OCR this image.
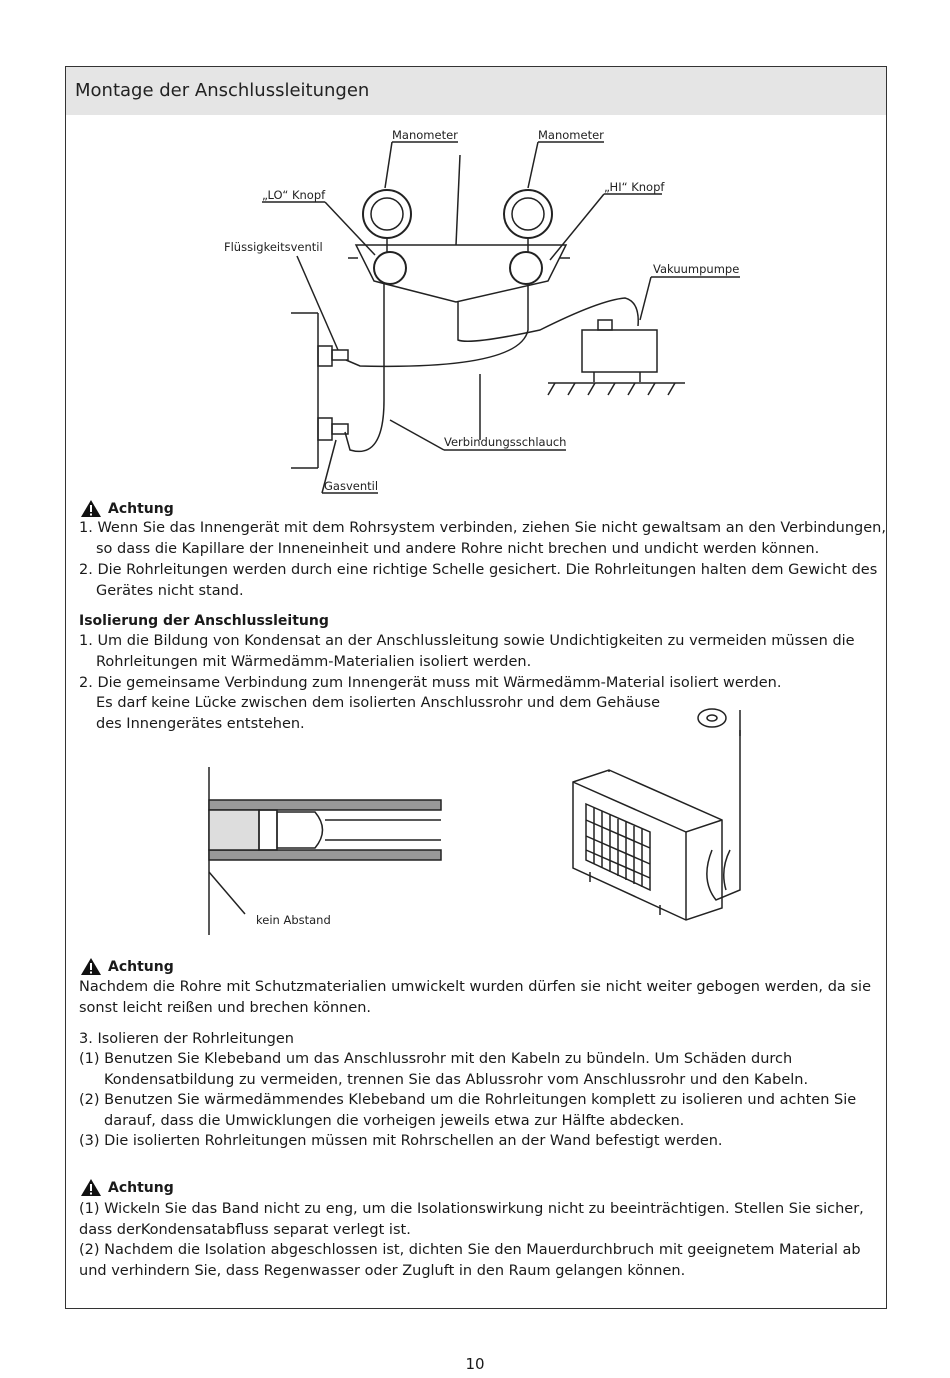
Montage der Anschlussleitungen
Manometer	Manometer
„LO“ Knopf
„HI“ Knopf
Flüssigkeitsventil
Vakuumpumpe
Verbindungsschlauch
Gasventil
Achtung
1. Wenn Sie das Innengerät mit dem Rohrsystem verbinden, ziehen Sie nicht gewaltsam an den Verbindungen, so dass die Kapillare der Inneneinheit und andere Rohre nicht brechen und undicht werden können.
2. Die Rohrleitungen werden durch eine richtige Schelle gesichert. Die Rohrleitungen halten dem Gewicht des Gerätes nicht stand.
Isolierung der Anschlussleitung
1. Um die Bildung von Kondensat an der Anschlussleitung sowie Undichtigkeiten zu vermeiden müssen die Rohrleitungen mit Wärmedämm-Materialien isoliert werden.
2. Die gemeinsame Verbindung zum Innengerät muss mit Wärmedämm-Material isoliert werden.
Es darf keine Lücke zwischen dem isolierten Anschlussrohr und dem Gehäuse
des Innengerätes entstehen.
kein Abstand
Achtung
Nachdem die Rohre mit Schutzmaterialien umwickelt wurden dürfen sie nicht weiter gebogen werden, da sie sonst leicht reißen und brechen können.
3. Isolieren der Rohrleitungen
(1) Benutzen Sie Klebeband um das Anschlussrohr mit den Kabeln zu bündeln. Um Schäden durch Kondensatbildung zu vermeiden, trennen Sie das Ablussrohr vom Anschlussrohr und den Kabeln.
(2) Benutzen Sie wärmedämmendes Klebeband um die Rohrleitungen komplett zu isolieren und achten Sie darauf, dass die Umwicklungen die vorheigen jeweils etwa zur Hälfte abdecken.
(3) Die isolierten Rohrleitungen müssen mit Rohrschellen an der Wand befestigt werden.
Achtung
(1) Wickeln Sie das Band nicht zu eng, um die Isolationswirkung nicht zu beeinträchtigen. Stellen Sie sicher, dass derKondensatabfluss separat verlegt ist.
(2) Nachdem die Isolation abgeschlossen ist, dichten Sie den Mauerdurchbruch mit geeignetem Material ab und verhindern Sie, dass Regenwasser oder Zugluft in den Raum gelangen können.
10
